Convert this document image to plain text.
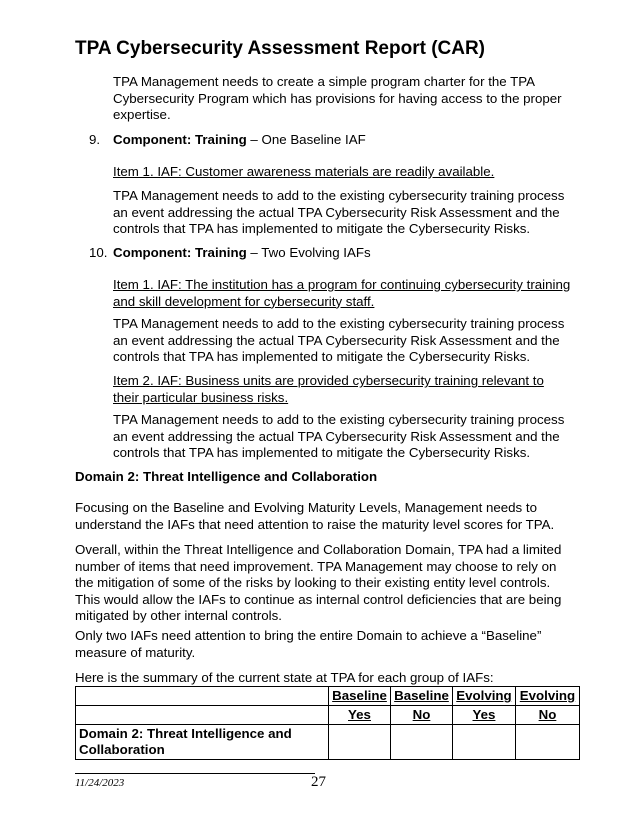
TPA Cybersecurity Assessment Report (CAR)
TPA Management needs to create a simple program charter for the TPA Cybersecurity Program which has provisions for having access to the proper expertise.
9. Component: Training – One Baseline IAF
Item 1. IAF: Customer awareness materials are readily available.
TPA Management needs to add to the existing cybersecurity training process an event addressing the actual TPA Cybersecurity Risk Assessment and the controls that TPA has implemented to mitigate the Cybersecurity Risks.
10. Component: Training – Two Evolving IAFs
Item 1. IAF: The institution has a program for continuing cybersecurity training and skill development for cybersecurity staff.
TPA Management needs to add to the existing cybersecurity training process an event addressing the actual TPA Cybersecurity Risk Assessment and the controls that TPA has implemented to mitigate the Cybersecurity Risks.
Item 2. IAF: Business units are provided cybersecurity training relevant to their particular business risks.
TPA Management needs to add to the existing cybersecurity training process an event addressing the actual TPA Cybersecurity Risk Assessment and the controls that TPA has implemented to mitigate the Cybersecurity Risks.
Domain 2: Threat Intelligence and Collaboration
Focusing on the Baseline and Evolving Maturity Levels, Management needs to understand the IAFs that need attention to raise the maturity level scores for TPA.
Overall, within the Threat Intelligence and Collaboration Domain, TPA had a limited number of items that need improvement. TPA Management may choose to rely on the mitigation of some of the risks by looking to their existing entity level controls. This would allow the IAFs to continue as internal control deficiencies that are being mitigated by other internal controls.
Only two IAFs need attention to bring the entire Domain to achieve a “Baseline” measure of maturity.
Here is the summary of the current state at TPA for each group of IAFs:
	Baseline	Baseline	Evolving	Evolving
	Yes	No	Yes	No
Domain 2: Threat Intelligence and Collaboration				
11/24/2023	27
